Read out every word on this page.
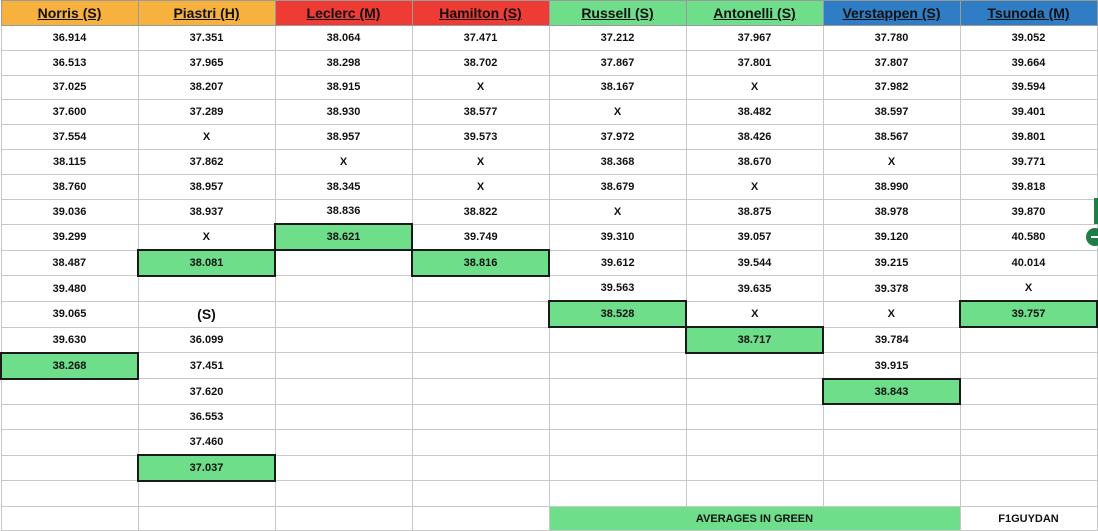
Norris (S)	Piastri (H)	Leclerc (M)	Hamilton (S)	Russell (S)	Antonelli (S)	Verstappen (S)	Tsunoda (M)
36.914	37.351	38.064	37.471	37.212	37.967	37.780	39.052
36.513	37.965	38.298	38.702	37.867	37.801	37.807	39.664
37.025	38.207	38.915	X	38.167	X	37.982	39.594
37.600	37.289	38.930	38.577	X	38.482	38.597	39.401
37.554	X	38.957	39.573	37.972	38.426	38.567	39.801
38.115	37.862	X	X	38.368	38.670	X	39.771
38.760	38.957	38.345	X	38.679	X	38.990	39.818
39.036	38.937	38.836	38.822	X	38.875	38.978	39.870
39.299	X	38.621	39.749	39.310	39.057	39.120	40.580
38.487	38.081		38.816	39.612	39.544	39.215	40.014
39.480				39.563	39.635	39.378	X
39.065	(S)			38.528	X	X	39.757
39.630	36.099				38.717	39.784	
38.268	37.451					39.915	
	37.620					38.843	
	36.553						
	37.460						
	37.037						

				AVERAGES IN GREEN			F1GUYDAN
